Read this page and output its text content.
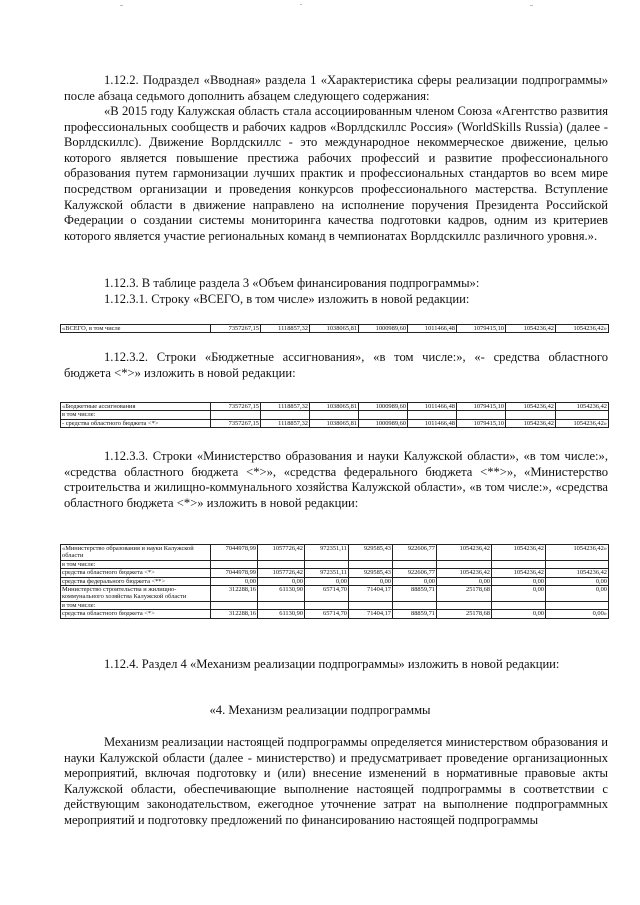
1.12.2. Подраздел «Вводная» раздела 1 «Характеристика сферы реализации подпрограммы» после абзаца седьмого дополнить абзацем следующего содержания:

«В 2015 году Калужская область стала ассоциированным членом Союза «Агентство развития профессиональных сообществ и рабочих кадров «Ворлдскиллс Россия» (WorldSkills Russia) (далее - Ворлдскиллс). Движение Ворлдскиллс - это международное некоммерческое движение, целью которого является повышение престижа рабочих профессий и развитие профессионального образования путем гармонизации лучших практик и профессиональных стандартов во всем мире посредством организации и проведения конкурсов профессионального мастерства. Вступление Калужской области в движение направлено на исполнение поручения Президента Российской Федерации о создании системы мониторинга качества подготовки кадров, одним из критериев которого является участие региональных команд в чемпионатах Ворлдскиллс различного уровня.».

1.12.3. В таблице раздела 3 «Объем финансирования подпрограммы»:

1.12.3.1. Строку «ВСЕГО, в том числе» изложить в новой редакции:

«ВСЕГО, в том числе	7357267,15	1118857,32	1038065,81	1000989,60	1011466,48	1079415,10	1054236,42	1054236,42»

1.12.3.2. Строки «Бюджетные ассигнования», «в том числе:», «- средства областного бюджета <*>» изложить в новой редакции:

«Бюджетные ассигнования	7357267,15	1118857,32	1038065,81	1000989,60	1011466,48	1079415,10	1054236,42	1054236,42
в том числе:								
- средства областного бюджета <*>	7357267,15	1118857,32	1038065,81	1000989,60	1011466,48	1079415,10	1054236,42	1054236,42»

1.12.3.3. Строки «Министерство образования и науки Калужской области», «в том числе:», «средства областного бюджета <*>», «средства федерального бюджета <**>», «Министерство строительства и жилищно-коммунального хозяйства Калужской области», «в том числе:», «средства областного бюджета <*>» изложить в новой редакции:

«Министерство образования и науки Калужской области	7044978,99	1057726,42	972351,11	929585,43	922606,77	1054236,42	1054236,42	1054236,42»
в том числе:								
средства областного бюджета <*>	7044978,99	1057726,42	972351,11	929585,43	922606,77	1054236,42	1054236,42	1054236,42
средства федерального бюджета <**>	0,00	0,00	0,00	0,00	0,00	0,00	0,00	0,00
Министерство строительства и жилищно-коммунального хозяйства Калужской области	312288,16	61130,90	65714,70	71404,17	88859,71	25178,68	0,00	0,00
в том числе:								
средства областного бюджета <*>	312288,16	61130,90	65714,70	71404,17	88859,71	25178,68	0,00	0,00»

1.12.4. Раздел 4 «Механизм реализации подпрограммы» изложить в новой редакции:

«4. Механизм реализации подпрограммы

Механизм реализации настоящей подпрограммы определяется министерством образования и науки Калужской области (далее - министерство) и предусматривает проведение организационных мероприятий, включая подготовку и (или) внесение изменений в нормативные правовые акты Калужской области, обеспечивающие выполнение настоящей подпрограммы в соответствии с действующим законодательством, ежегодное уточнение затрат на выполнение подпрограммных мероприятий и подготовку предложений по финансированию настоящей подпрограммы
